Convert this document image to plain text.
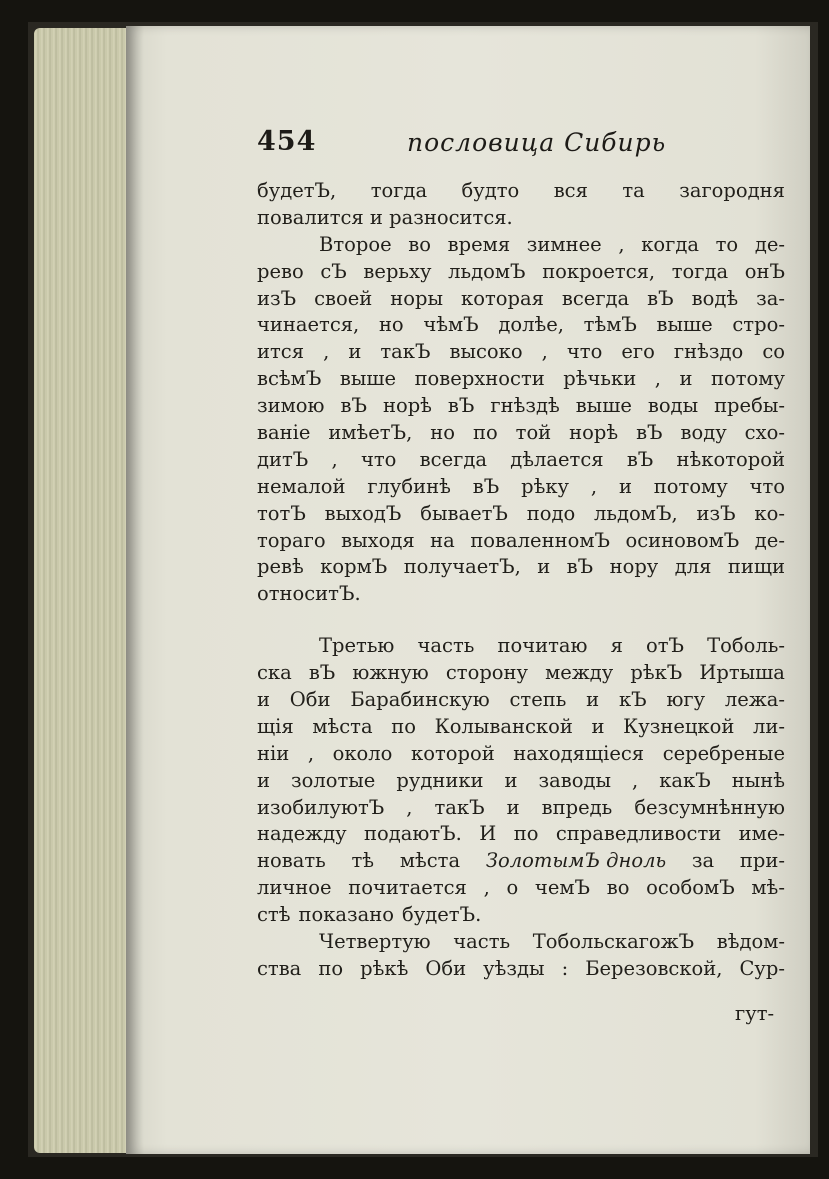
454	пословица Сибирь
будетЪ, тогда будто вся та загородня
повалится и разносится.
Второе во время зимнее , когда то де-
рево сЪ верьху льдомЪ покроется, тогда онЪ
изЪ своей норы которая всегда вЪ водѣ за-
чинается, но чѣмЪ долѣе, тѣмЪ выше стро-
ится , и такЪ высоко , что его гнѣздо со
всѣмЪ выше поверхности рѣчьки , и потому
зимою вЪ норѣ вЪ гнѣздѣ выше воды пребы-
ваніе имѣетЪ, но по той норѣ вЪ воду схо-
дитЪ , что всегда дѣлается вЪ нѣкоторой
немалой глубинѣ вЪ рѣку , и потому что
тотЪ выходЪ бываетЪ подо льдомЪ, изЪ ко-
тораго выходя на поваленномЪ осиновомЪ де-
ревѣ кормЪ получаетЪ, и вЪ нору для пищи
относитЪ.
Третью часть почитаю я отЪ Тоболь-
ска вЪ южную сторону между рѣкЪ Иртыша
и Оби Барабинскую степь и кЪ югу лежа-
щія мѣста по Колыванской и Кузнецкой ли-
ніи , около которой находящіеся серебреные
и золотые рудники и заводы , какЪ нынѣ
изобилуютЪ , такЪ и впредь безсумнѣнную
надежду подаютЪ. И по справедливости име-
новать тѣ мѣста ЗолотымЪ дноль за при-
личное почитается , о чемЪ во особомЪ мѣ-
стѣ показано будетЪ.
Четвертую часть ТобольскагожЪ вѣдом-
ства по рѣкѣ Оби уѣзды : Березовской, Сур-
гут-
